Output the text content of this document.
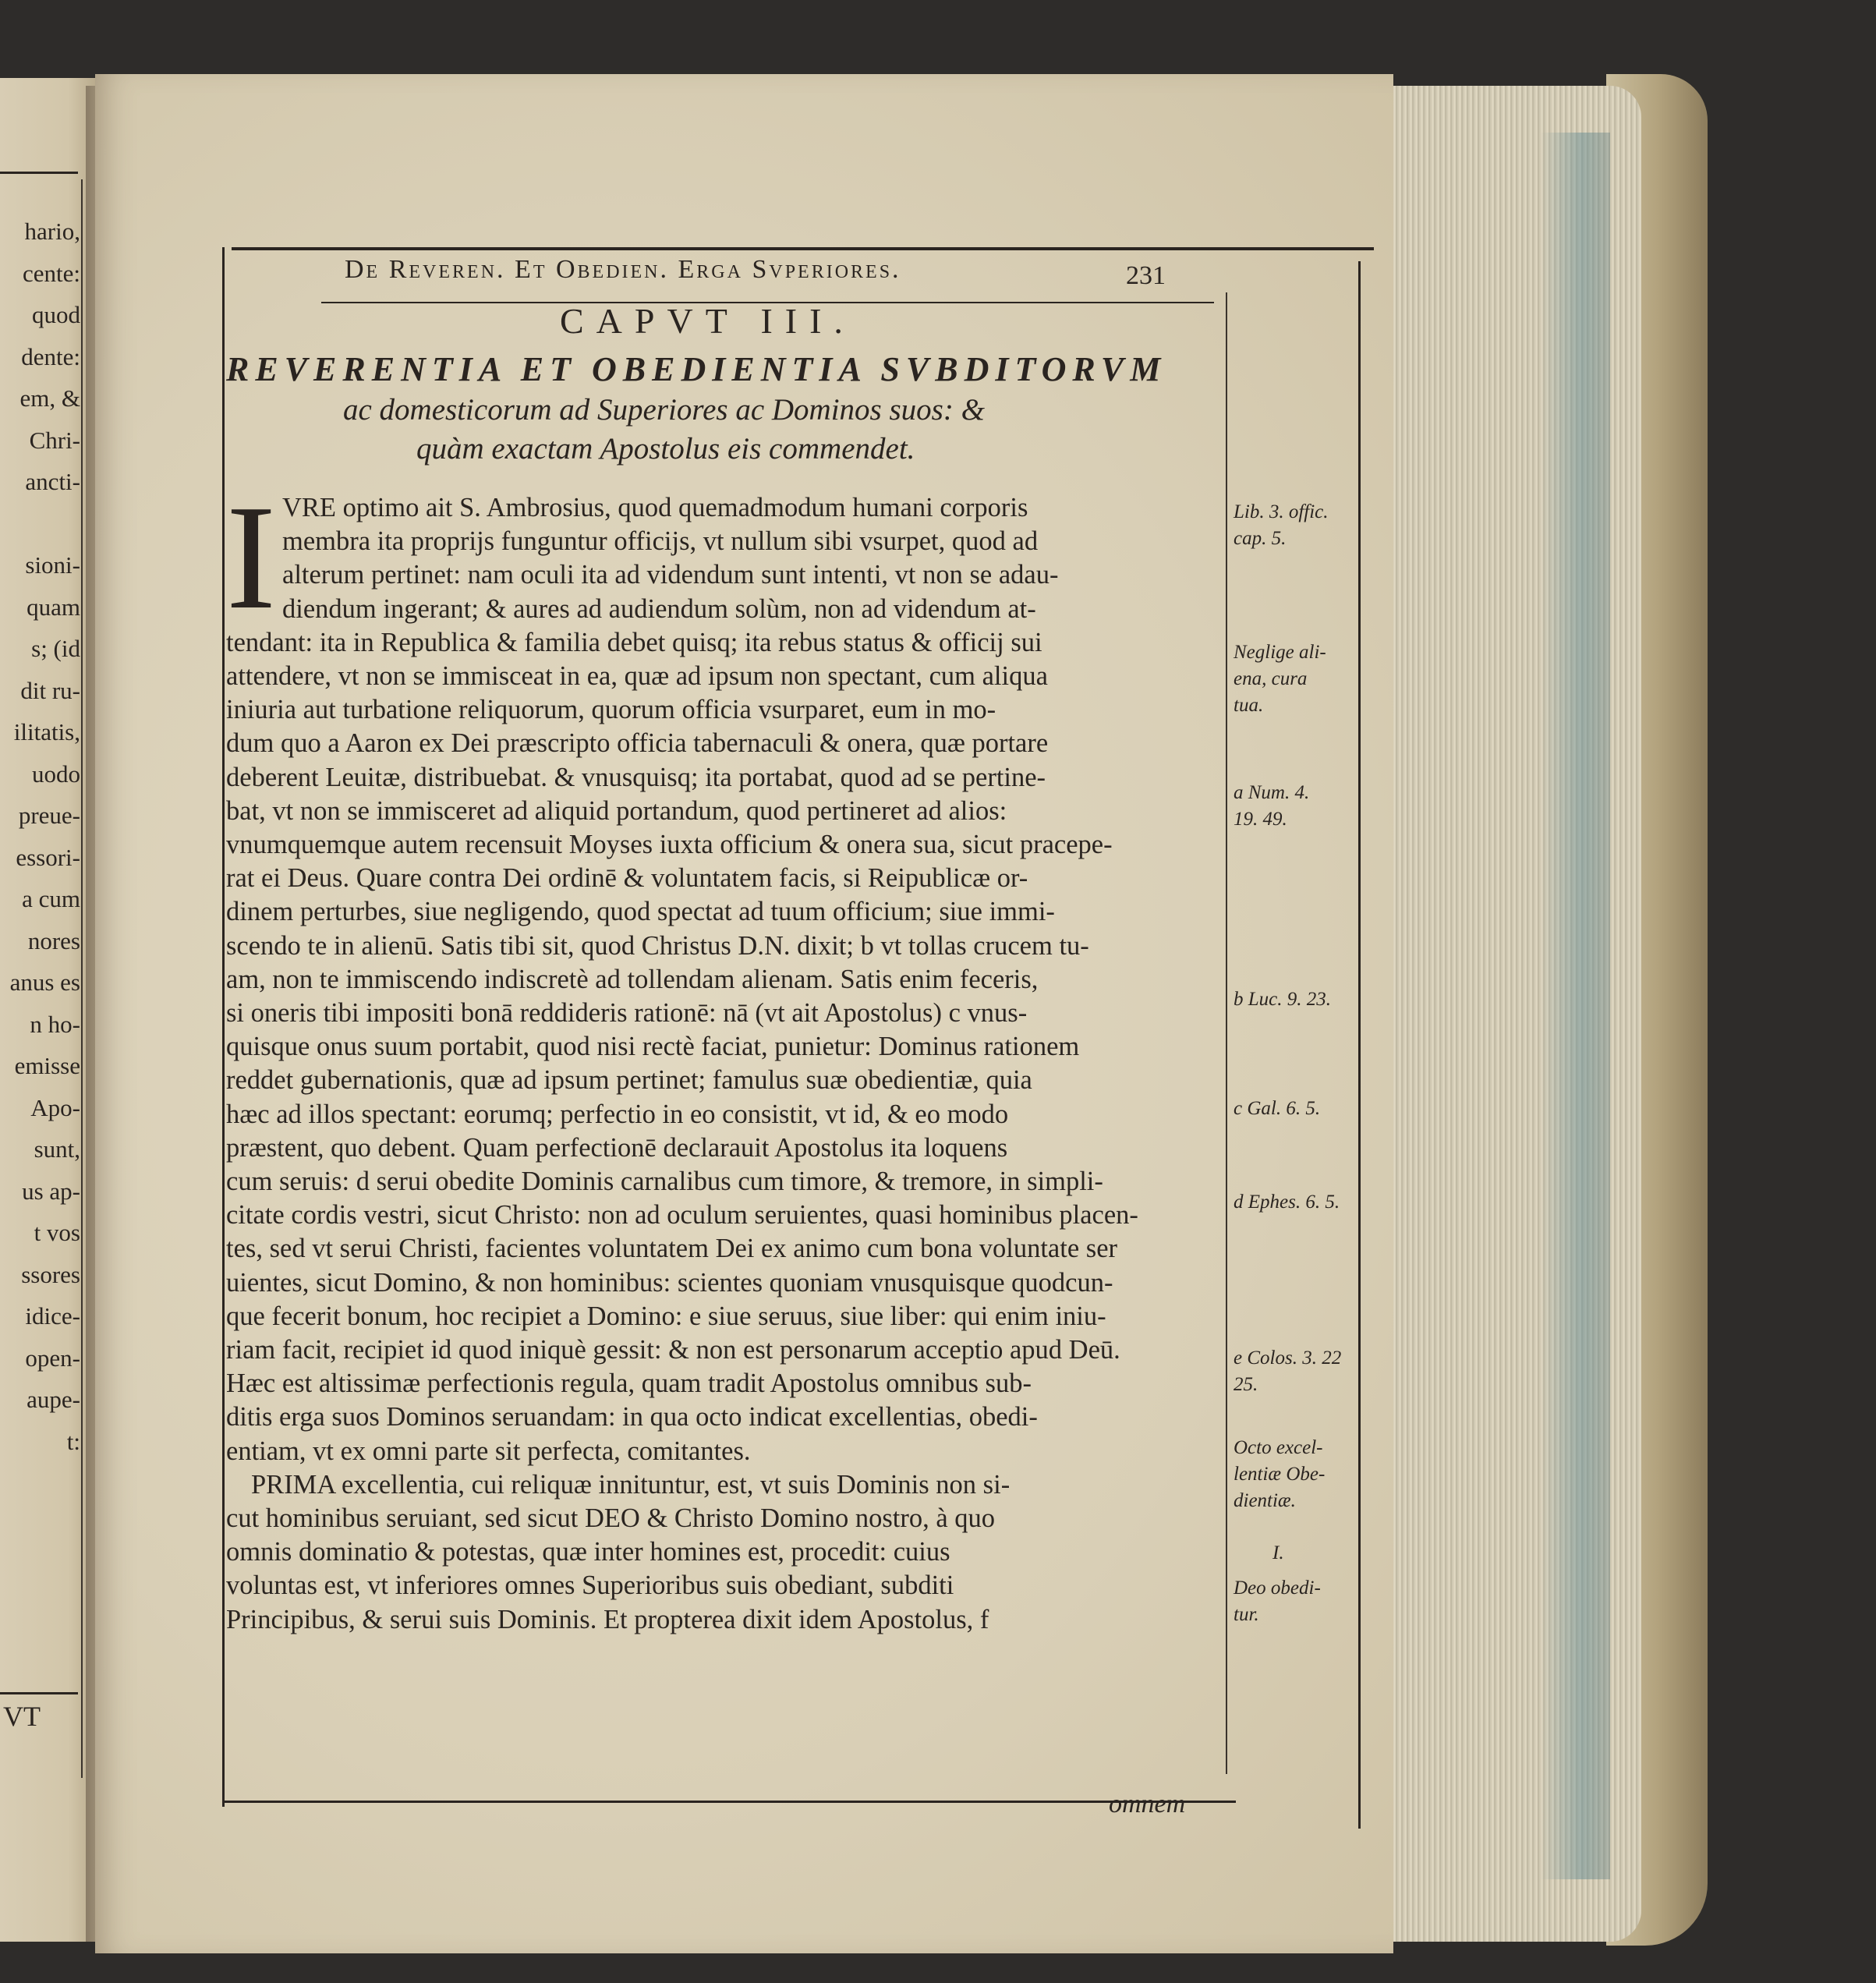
hario,
cente:
quod
dente:
em, &
Chri-
ancti-
sioni-
quam
s; (id
dit ru-
ilitatis,
uodo
preue-
essori-
a cum
nores
anus es
n ho-
emisse
Apo-
sunt,
us ap-
t vos
ssores
idice-
open-
aupe-
t:
VT
De Reveren. Et Obedien. Erga Svperiores.	231
CAPVT III.
REVERENTIA ET OBEDIENTIA SVBDITORVM
ac domesticorum ad Superiores ac Dominos suos: &
quàm exactam Apostolus eis commendet.
I VRE optimo ait S. Ambrosius, quod quemadmodum humani corporis
membra ita proprijs funguntur officijs, vt nullum sibi vsurpet, quod ad
alterum pertinet: nam oculi ita ad videndum sunt intenti, vt non se adau-
diendum ingerant; & aures ad audiendum solùm, non ad videndum at-
tendant: ita in Republica & familia debet quisq; ita rebus status & officij sui
attendere, vt non se immisceat in ea, quæ ad ipsum non spectant, cum aliqua
iniuria aut turbatione reliquorum, quorum officia vsurparet, eum in mo-
dum quo a Aaron ex Dei præscripto officia tabernaculi & onera, quæ portare
deberent Leuitæ, distribuebat. & vnusquisq; ita portabat, quod ad se pertine-
bat, vt non se immisceret ad aliquid portandum, quod pertineret ad alios:
vnumquemque autem recensuit Moyses iuxta officium & onera sua, sicut pracepe-
rat ei Deus. Quare contra Dei ordinē & voluntatem facis, si Reipublicæ or-
dinem perturbes, siue negligendo, quod spectat ad tuum officium; siue immi-
scendo te in alienū. Satis tibi sit, quod Christus D.N. dixit; b vt tollas crucem tu-
am, non te immiscendo indiscretè ad tollendam alienam. Satis enim feceris,
si oneris tibi impositi bonā reddideris rationē: nā (vt ait Apostolus) c vnus-
quisque onus suum portabit, quod nisi rectè faciat, punietur: Dominus rationem
reddet gubernationis, quæ ad ipsum pertinet; famulus suæ obedientiæ, quia
hæc ad illos spectant: eorumq; perfectio in eo consistit, vt id, & eo modo
præstent, quo debent. Quam perfectionē declarauit Apostolus ita loquens
cum seruis: d serui obedite Dominis carnalibus cum timore, & tremore, in simpli-
citate cordis vestri, sicut Christo: non ad oculum seruientes, quasi hominibus placen-
tes, sed vt serui Christi, facientes voluntatem Dei ex animo cum bona voluntate ser
uientes, sicut Domino, & non hominibus: scientes quoniam vnusquisque quodcun-
que fecerit bonum, hoc recipiet a Domino: e siue seruus, siue liber: qui enim iniu-
riam facit, recipiet id quod iniquè gessit: & non est personarum acceptio apud Deū.
Hæc est altissimæ perfectionis regula, quam tradit Apostolus omnibus sub-
ditis erga suos Dominos seruandam: in qua octo indicat excellentias, obedi-
entiam, vt ex omni parte sit perfecta, comitantes.
PRIMA excellentia, cui reliquæ innituntur, est, vt suis Dominis non si-
cut hominibus seruiant, sed sicut DEO & Christo Domino nostro, à quo
omnis dominatio & potestas, quæ inter homines est, procedit: cuius
voluntas est, vt inferiores omnes Superioribus suis obediant, subditi
Principibus, & serui suis Dominis. Et propterea dixit idem Apostolus, f
omnem
Lib. 3. offic.
cap. 5.
Neglige ali-
ena, cura
tua.
a Num. 4.
19. 49.
b Luc. 9. 23.
c Gal. 6. 5.
d Ephes. 6. 5.
e Colos. 3. 22
25.
Octo excel-
lentiæ Obe-
dientiæ.
I.
Deo obedi-
tur.
